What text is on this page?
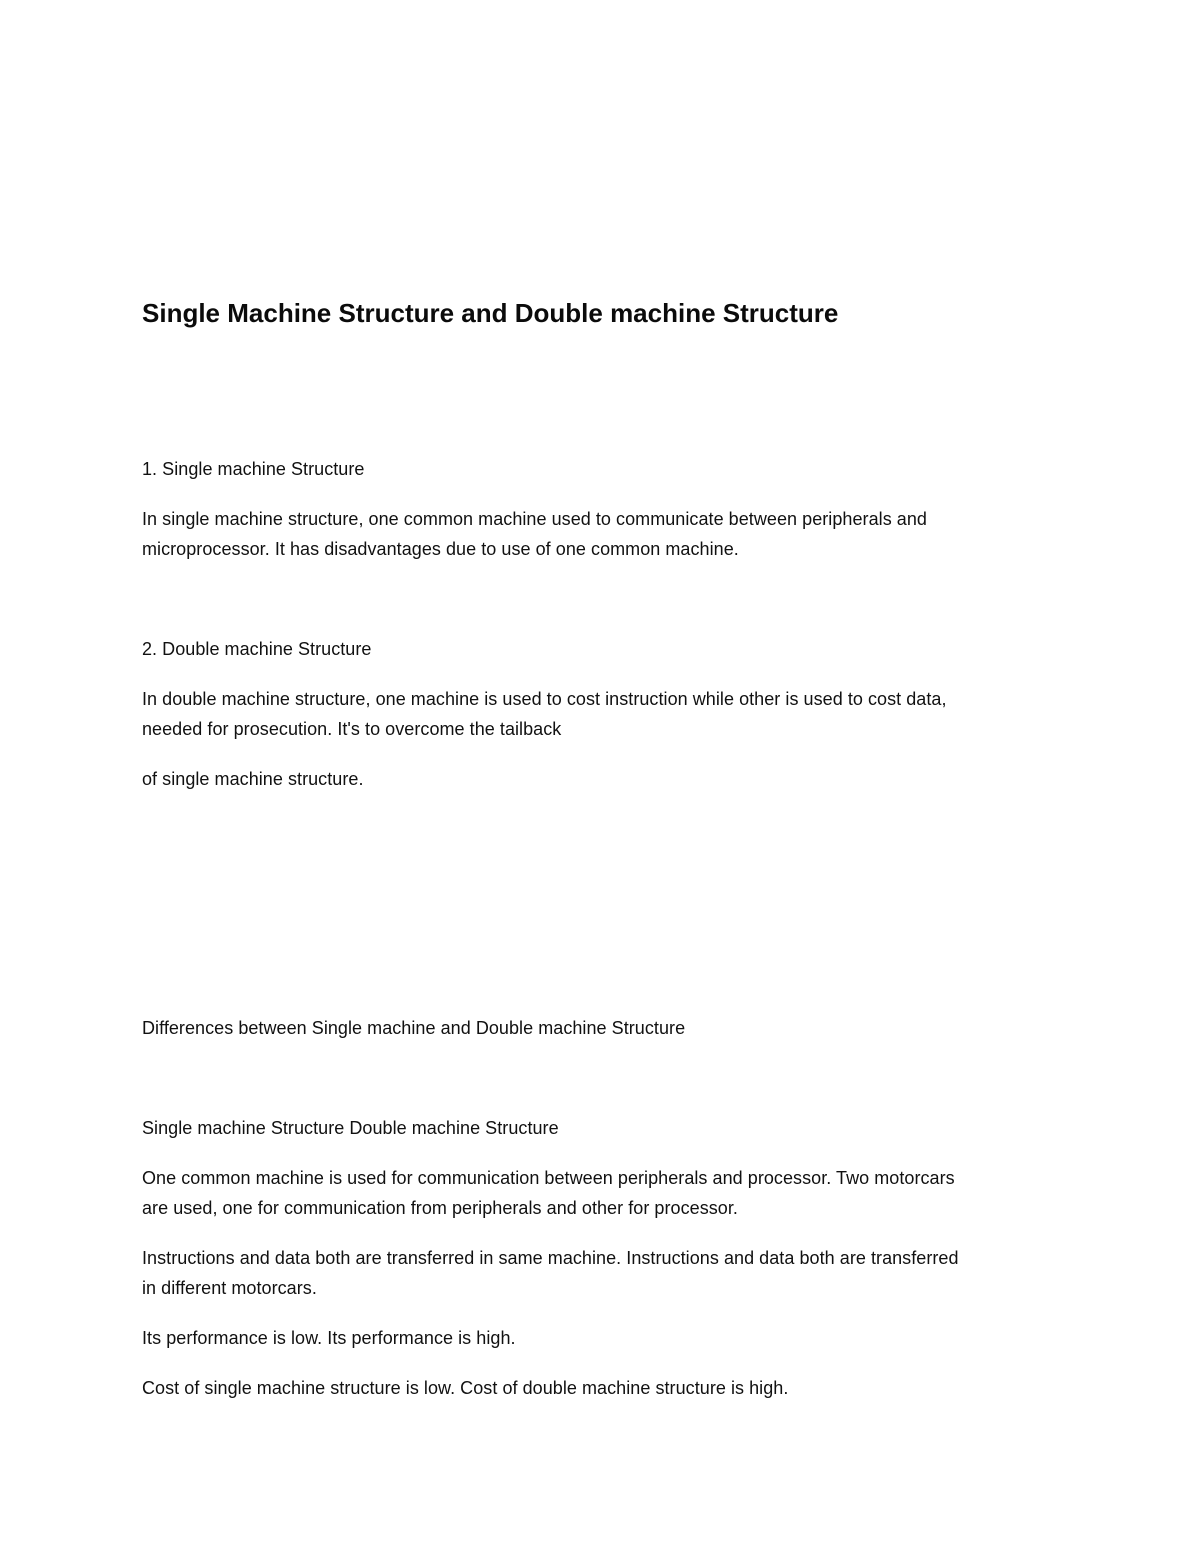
Single Machine Structure and Double machine Structure
1. Single machine Structure
In single machine structure, one common machine used to communicate between peripherals and
microprocessor. It has disadvantages due to use of one common machine.
2. Double machine Structure
In double machine structure, one machine is used to cost instruction while other is used to cost data,
needed for prosecution. It's to overcome the tailback
of single machine structure.
Differences between Single machine and Double machine Structure
Single machine Structure Double machine Structure
One common machine is used for communication between peripherals and processor. Two motorcars
are used, one for communication from peripherals and other for processor.
Instructions and data both are transferred in same machine. Instructions and data both are transferred
in different motorcars.
Its performance is low. Its performance is high.
Cost of single machine structure is low. Cost of double machine structure is high.
